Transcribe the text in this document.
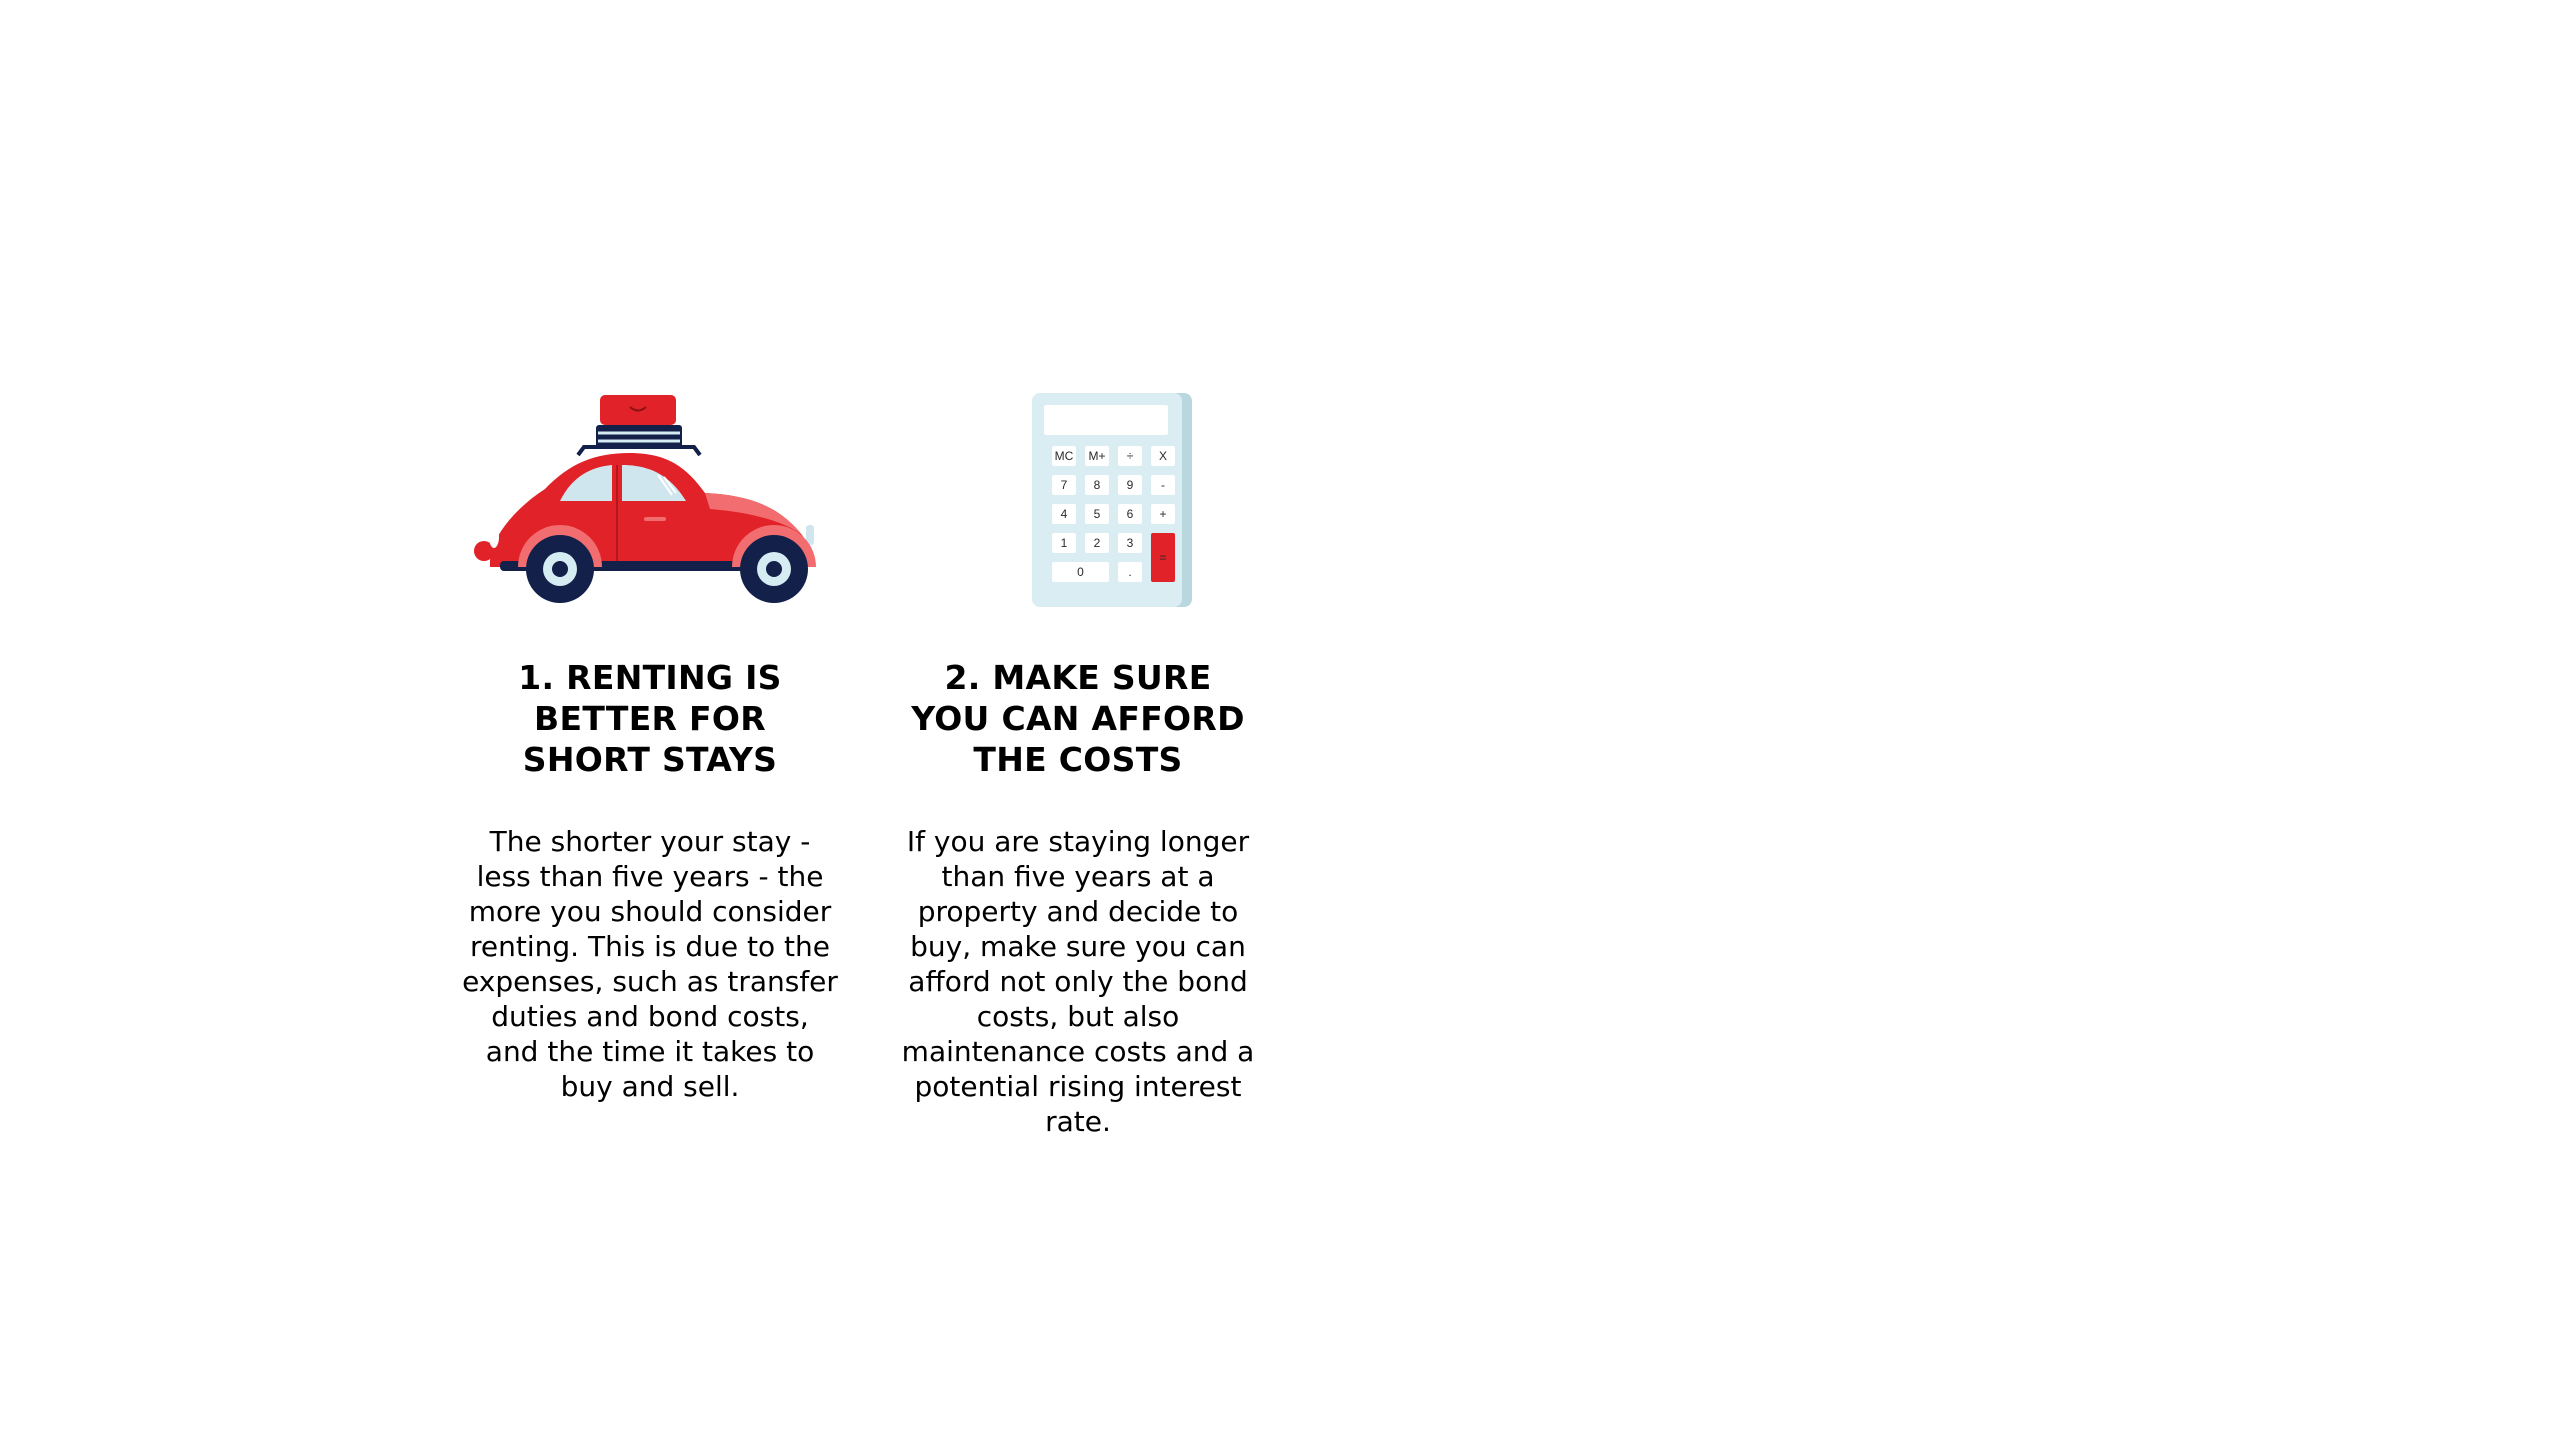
1. RENTING IS BETTER FOR SHORT STAYS

The shorter your stay - less than five years - the more you should consider renting. This is due to the expenses, such as transfer duties and bond costs, and the time it takes to buy and sell.

MC M+ ÷ X
7 8 9 -
4 5 6 +
1 2 3
0	.
=
2. MAKE SURE YOU CAN AFFORD THE COSTS

If you are staying longer than five years at a property and decide to buy, make sure you can afford not only the bond costs, but also maintenance costs and a potential rising interest rate.
